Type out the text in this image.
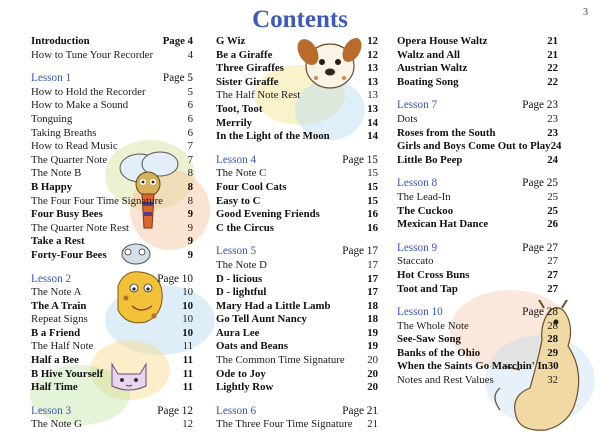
Contents	3
Introduction	Page 4
How to Tune Your Recorder	4
Lesson 1	Page 5
How to Hold the Recorder	5
How to Make a Sound	6
Tonguing	6
Taking Breaths	6
How to Read Music	7
The Quarter Note	7
The Note B	8
B Happy	8
The Four Four Time Signature 8
Four Busy Bees	9
The Quarter Note Rest	9
Take a Rest	9
Forty-Four Bees	9
Lesson 2	Page 10
The Note A	10
The A Train	10
Repeat Signs	10
B a Friend	10
The Half Note	11
Half a Bee	11
B Hive Yourself	11
Half Time	11
Lesson 3	Page 12
The Note G	12
G Wiz	12
Be a Giraffe	12
Three Giraffes	13
Sister Giraffe	13
The Half Note Rest	13
Toot, Toot	13
Merrily	14
In the Light of the Moon	14
Lesson 4	Page 15
The Note C	15
Four Cool Cats	15
Easy to C	15
Good Evening Friends	16
C the Circus	16
Lesson 5	Page 17
The Note D	17
D - licious	17
D - lightful	17
Mary Had a Little Lamb	18
Go Tell Aunt Nancy	18
Aura Lee	19
Oats and Beans	19
The Common Time Signature 20
Ode to Joy	20
Lightly Row	20
Lesson 6	Page 21
The Three Four Time Signature 21
Opera House Waltz	21
Waltz and All	21
Austrian Waltz	22
Boating Song	22
Lesson 7	Page 23
Dots	23
Roses from the South	23
Girls and Boys Come Out to Play 24
Little Bo Peep	24
Lesson 8	Page 25
The Lead-In	25
The Cuckoo	25
Mexican Hat Dance	26
Lesson 9	Page 27
Staccato	27
Hot Cross Buns	27
Toot and Tap	27
Lesson 10	Page 28
The Whole Note	28
See-Saw Song	28
Banks of the Ohio	29
When the Saints Go Marchin' In 30
Notes and Rest Values	32
